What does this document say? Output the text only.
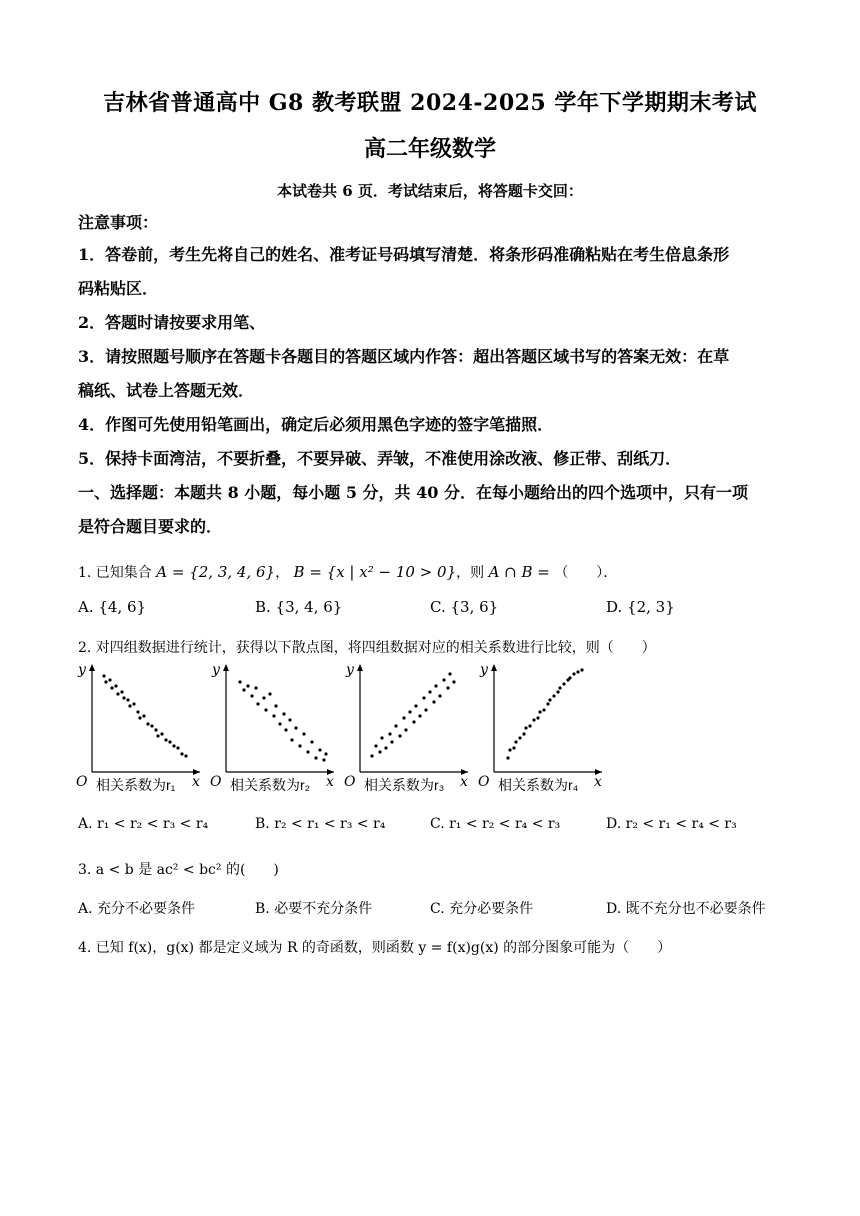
吉林省普通高中 G8 教考联盟 2024-2025 学年下学期期末考试
高二年级数学
本试卷共 6 页．考试结束后，将答题卡交回：
注意事项：
1．答卷前，考生先将自己的姓名、准考证号码填写清楚．将条形码准确粘贴在考生倍息条形
码粘贴区．
2．答题时请按要求用笔、
3．请按照题号顺序在答题卡各题目的答题区域内作答：超出答题区域书写的答案无效：在草
稿纸、试卷上答题无效．
4．作图可先使用铅笔画出，确定后必须用黑色字迹的签字笔描照．
5．保持卡面湾洁，不要折叠，不要异破、弄皱，不准使用涂改液、修正带、刮纸刀．
一、选择题：本题共 8 小题，每小题 5 分，共 40 分．在每小题给出的四个选项中，只有一项
是符合题目要求的．
1. 已知集合 A = {2, 3, 4, 6}， B = {x | x² − 10 > 0}，则 A ∩ B = （　　）．
A. {4, 6}	B. {3, 4, 6}	C. {3, 6}	D. {2, 3}
2. 对四组数据进行统计，获得以下散点图，将四组数据对应的相关系数进行比较，则（　　）
y
x
O 相关系数为r₁
y
x
O 相关系数为r₂
y
x
O 相关系数为r₃
y
x
O 相关系数为r₄
A. r₁ < r₂ < r₃ < r₄	B. r₂ < r₁ < r₃ < r₄	C. r₁ < r₂ < r₄ < r₃	D. r₂ < r₁ < r₄ < r₃
3. a < b 是 ac² < bc² 的(　　)
A. 充分不必要条件	B. 必要不充分条件	C. 充分必要条件	D. 既不充分也不必要条件
4. 已知 f(x)，g(x) 都是定义域为 R 的奇函数，则函数 y = f(x)g(x) 的部分图象可能为（　　）
